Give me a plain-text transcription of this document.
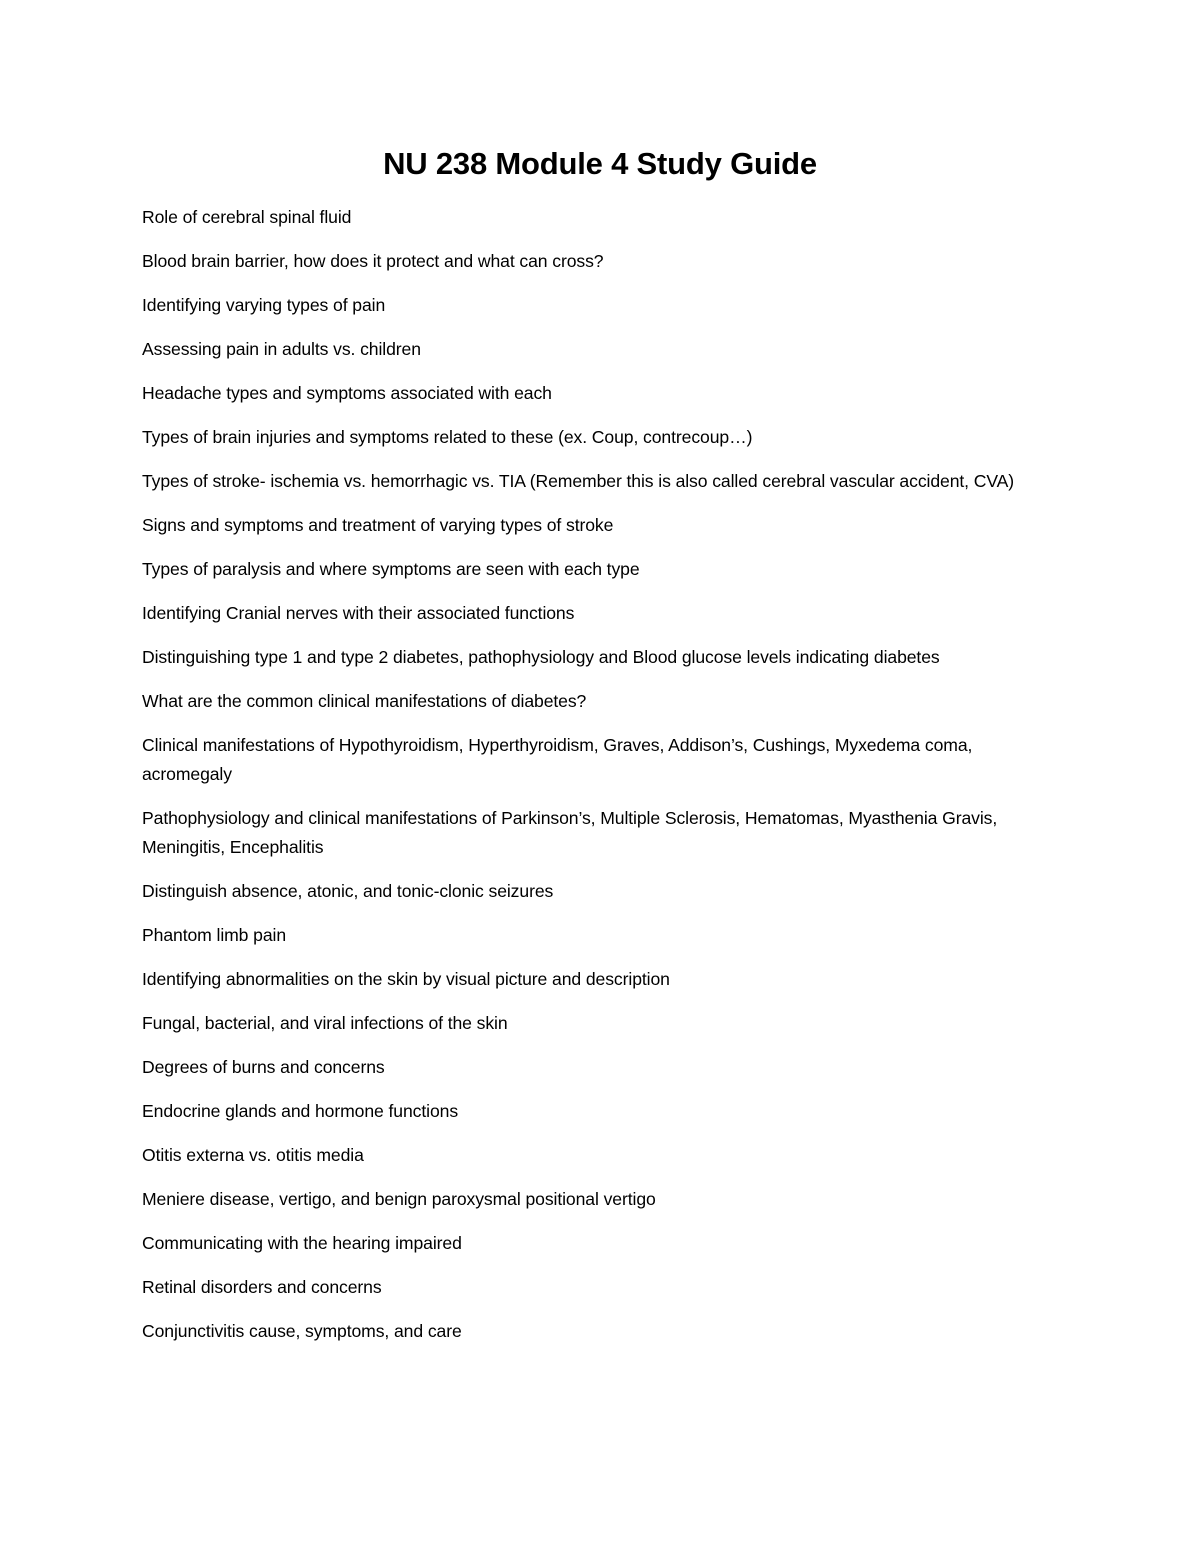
NU 238 Module 4 Study Guide
Role of cerebral spinal fluid
Blood brain barrier, how does it protect and what can cross?
Identifying varying types of pain
Assessing pain in adults vs. children
Headache types and symptoms associated with each
Types of brain injuries and symptoms related to these (ex. Coup, contrecoup…)
Types of stroke- ischemia vs. hemorrhagic vs. TIA (Remember this is also called cerebral vascular accident, CVA)
Signs and symptoms and treatment of varying types of stroke
Types of paralysis and where symptoms are seen with each type
Identifying Cranial nerves with their associated functions
Distinguishing type 1 and type 2 diabetes, pathophysiology and Blood glucose levels indicating diabetes
What are the common clinical manifestations of diabetes?
Clinical manifestations of Hypothyroidism, Hyperthyroidism, Graves, Addison’s, Cushings, Myxedema coma, acromegaly
Pathophysiology and clinical manifestations of Parkinson’s, Multiple Sclerosis, Hematomas, Myasthenia Gravis, Meningitis, Encephalitis
Distinguish absence, atonic, and tonic-clonic seizures
Phantom limb pain
Identifying abnormalities on the skin by visual picture and description
Fungal, bacterial, and viral infections of the skin
Degrees of burns and concerns
Endocrine glands and hormone functions
Otitis externa vs. otitis media
Meniere disease, vertigo, and benign paroxysmal positional vertigo
Communicating with the hearing impaired
Retinal disorders and concerns
Conjunctivitis cause, symptoms, and care
